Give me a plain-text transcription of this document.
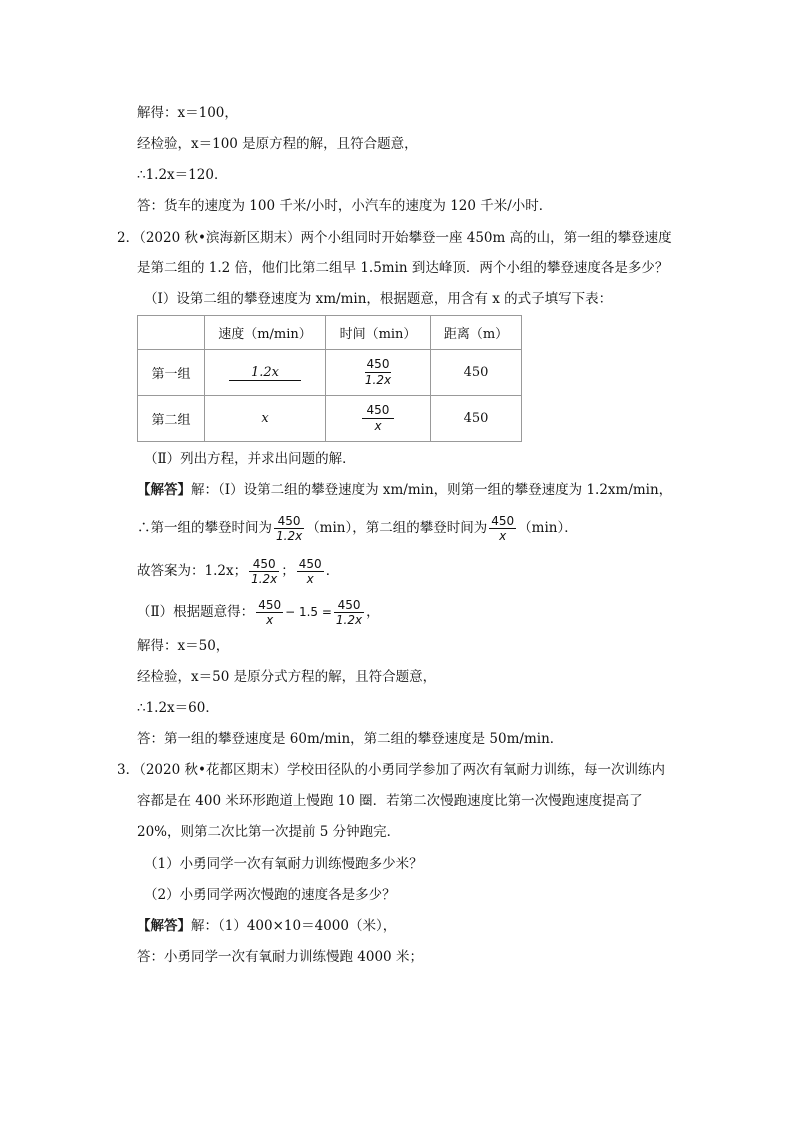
解得：x＝100，
经检验，x＝100 是原方程的解，且符合题意，
∴1.2x＝120．
答：货车的速度为 100 千米/小时，小汽车的速度为 120 千米/小时．
2．（2020 秋•滨海新区期末）两个小组同时开始攀登一座 450m 高的山，第一组的攀登速度
是第二组的 1.2 倍，他们比第二组早 1.5min 到达峰顶．两个小组的攀登速度各是多少？
（Ⅰ）设第二组的攀登速度为 xm/min，根据题意，用含有 x 的式子填写下表：
	速度（m/min）	时间（min）	距离（m）
第一组	1.2x	$\frac{450}{1.2x}$	450
第二组	x	$\frac{450}{x}$	450
（Ⅱ）列出方程，并求出问题的解．
【解答】解：（Ⅰ）设第二组的攀登速度为 xm/min，则第一组的攀登速度为 1.2xm/min，
∴第一组的攀登时间为 $\frac{450}{1.2x} (\min)$，第二组的攀登时间为 $\frac{450}{x} (\min)$．
故答案为：1.2x； $\frac{450}{1.2x}$ ； $\frac{450}{x}$ ．
（Ⅱ）根据题意得： $\frac{450}{x} - 1.5 = \frac{450}{1.2x}$ ，
解得：x＝50，
经检验，x＝50 是原分式方程的解，且符合题意，
∴1.2x＝60．
答：第一组的攀登速度是 60m/min，第二组的攀登速度是 50m/min．
3．（2020 秋•花都区期末）学校田径队的小勇同学参加了两次有氧耐力训练，每一次训练内
容都是在 400 米环形跑道上慢跑 10 圈．若第二次慢跑速度比第一次慢跑速度提高了
20%，则第二次比第一次提前 5 分钟跑完．
（1）小勇同学一次有氧耐力训练慢跑多少米？
（2）小勇同学两次慢跑的速度各是多少？
【解答】解：（1）400×10＝4000（米），
答：小勇同学一次有氧耐力训练慢跑 4000 米；
